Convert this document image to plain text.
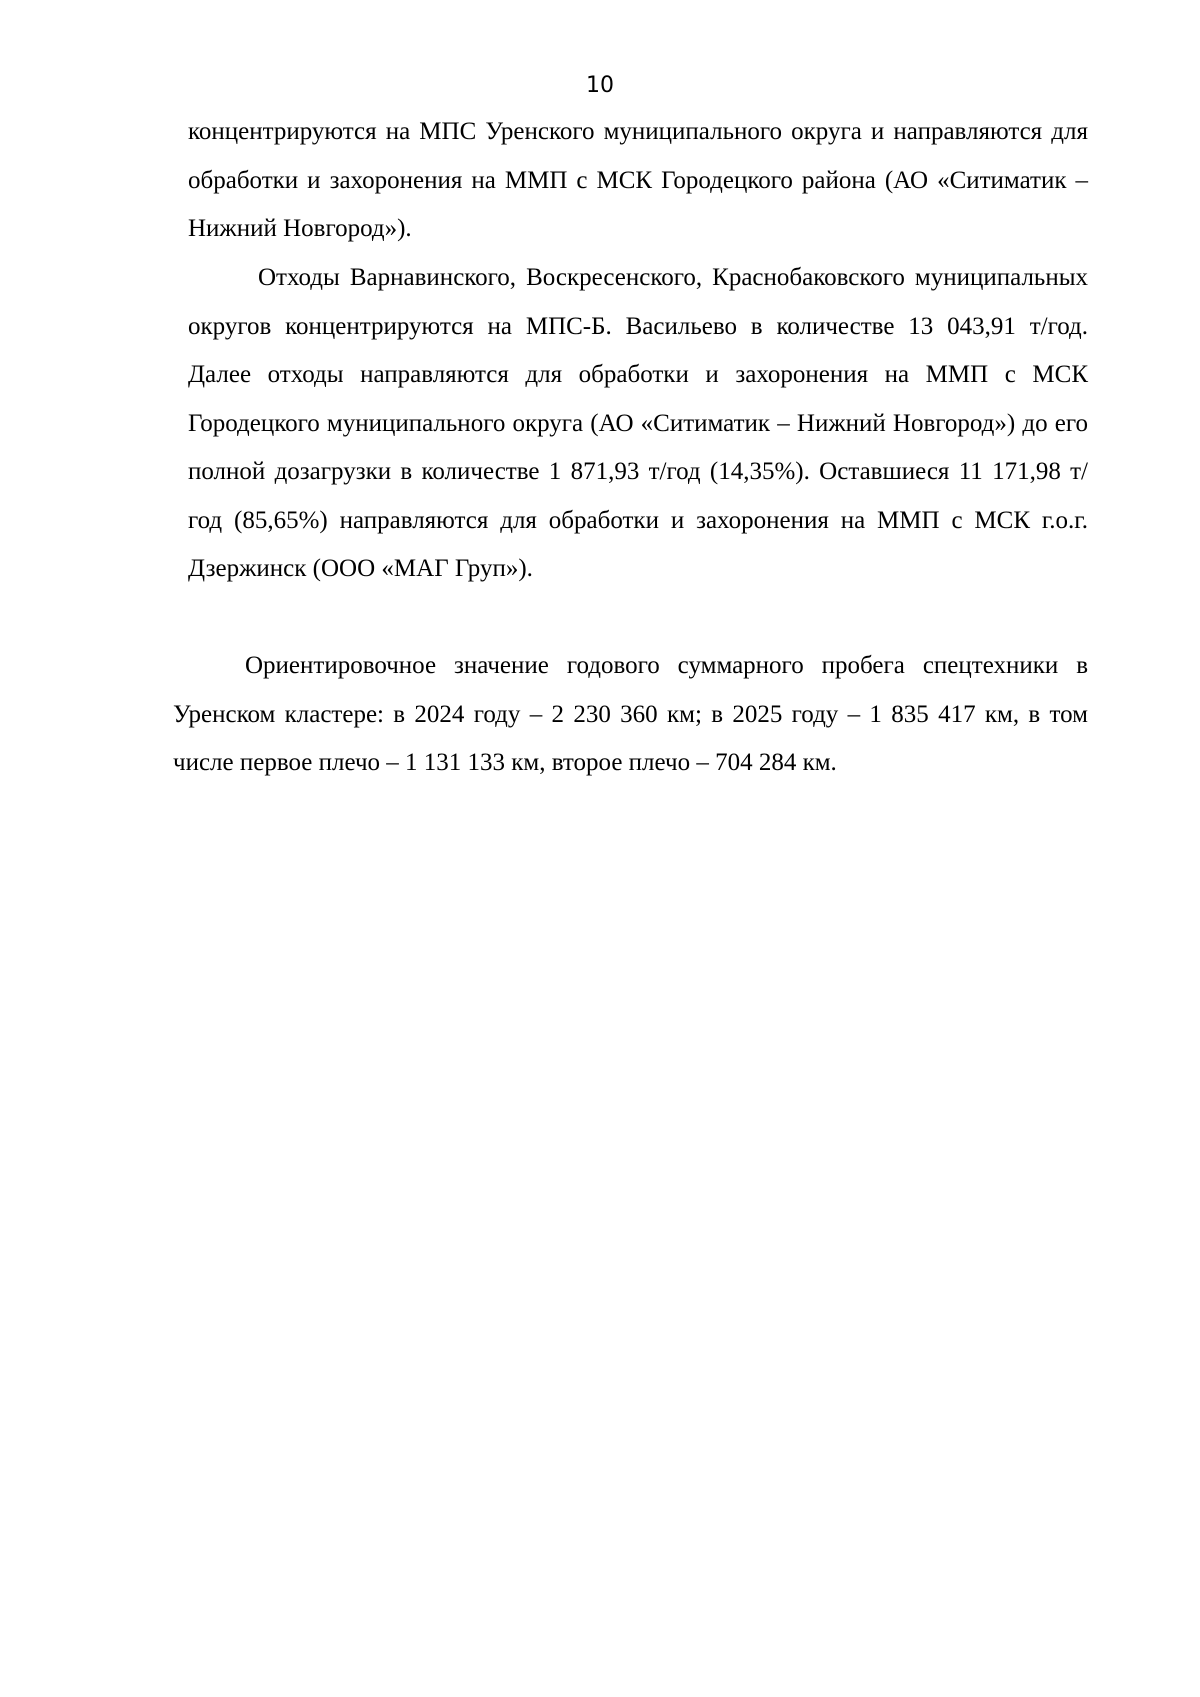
10

концентрируются на МПС Уренского муниципального округа и направляются для обработки и захоронения на ММП с МСК Городецкого района (АО «Ситиматик – Нижний Новгород»).

Отходы Варнавинского, Воскресенского, Краснобаковского муниципальных округов концентрируются на МПС-Б. Васильево в количестве 13 043,91 т/год. Далее отходы направляются для обработки и захоронения на ММП с МСК Городецкого муниципального округа (АО «Ситиматик – Нижний Новгород») до его полной дозагрузки в количестве 1 871,93 т/год (14,35%). Оставшиеся 11 171,98 т/год (85,65%) направляются для обработки и захоронения на ММП с МСК г.о.г. Дзержинск (ООО «МАГ Груп»).

Ориентировочное значение годового суммарного пробега спецтехники в Уренском кластере: в 2024 году – 2 230 360 км; в 2025 году – 1 835 417 км, в том числе первое плечо – 1 131 133 км, второе плечо – 704 284 км.
